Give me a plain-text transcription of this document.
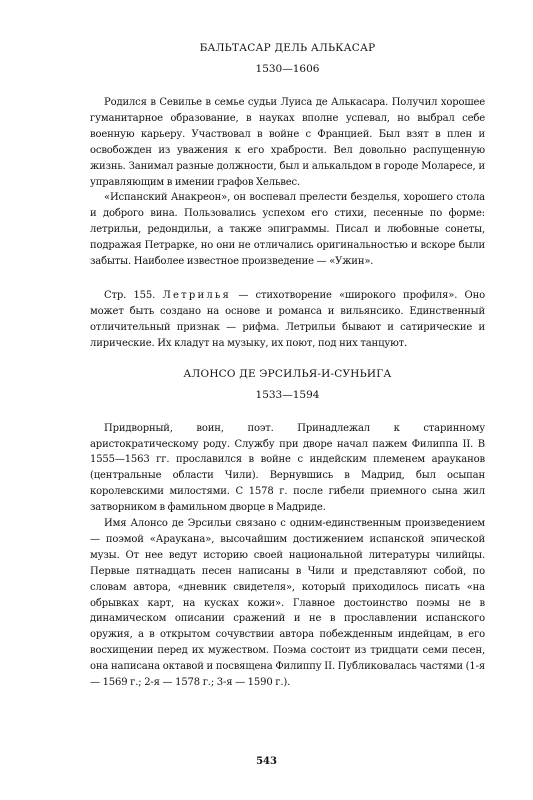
БАЛЬТАСАР ДЕЛЬ АЛЬКАСАР

1530—1606

Родился в Севилье в семье судьи Луиса де Алькасара. Получил хорошее гуманитарное образование, в науках вполне успевал, но выбрал себе военную карьеру. Участвовал в войне с Францией. Был взят в плен и освобожден из уважения к его храбрости. Вел довольно распущенную жизнь. Занимал разные должности, был и алькальдом в городе Моларесе, и управляющим в имении графов Хельвес.

«Испанский Анакреон», он воспевал прелести безделья, хорошего стола и доброго вина. Пользовались успехом его стихи, песенные по форме: летрильи, редондильи, а также эпиграммы. Писал и любовные сонеты, подражая Петрарке, но они не отличались оригинальностью и вскоре были забыты. Наиболее известное произведение — «Ужин».

Стр. 155. Летрилья — стихотворение «широкого профиля». Оно может быть создано на основе и романса и вильянсико. Единственный отличительный признак — рифма. Летрильи бывают и сатирические и лирические. Их кладут на музыку, их поют, под них танцуют.

АЛОНСО ДЕ ЭРСИЛЬЯ-И-СУНЬИГА

1533—1594

Придворный, воин, поэт. Принадлежал к старинному аристократическому роду. Службу при дворе начал пажем Филиппа II. В 1555—1563 гг. прославился в войне с индейским племенем арауканов (центральные области Чили). Вернувшись в Мадрид, был осыпан королевскими милостями. С 1578 г. после гибели приемного сына жил затворником в фамильном дворце в Мадриде.

Имя Алонсо де Эрсильи связано с одним-единственным произведением — поэмой «Араукана», высочайшим достижением испанской эпической музы. От нее ведут историю своей национальной литературы чилийцы. Первые пятнадцать песен написаны в Чили и представляют собой, по словам автора, «дневник свидетеля», который приходилось писать «на обрывках карт, на кусках кожи». Главное достоинство поэмы не в динамическом описании сражений и не в прославлении испанского оружия, а в открытом сочувствии автора побежденным индейцам, в его восхищении перед их мужеством. Поэма состоит из тридцати семи песен, она написана октавой и посвящена Филиппу II. Публиковалась частями (1-я — 1569 г.; 2-я — 1578 г.; 3-я — 1590 г.).

543
